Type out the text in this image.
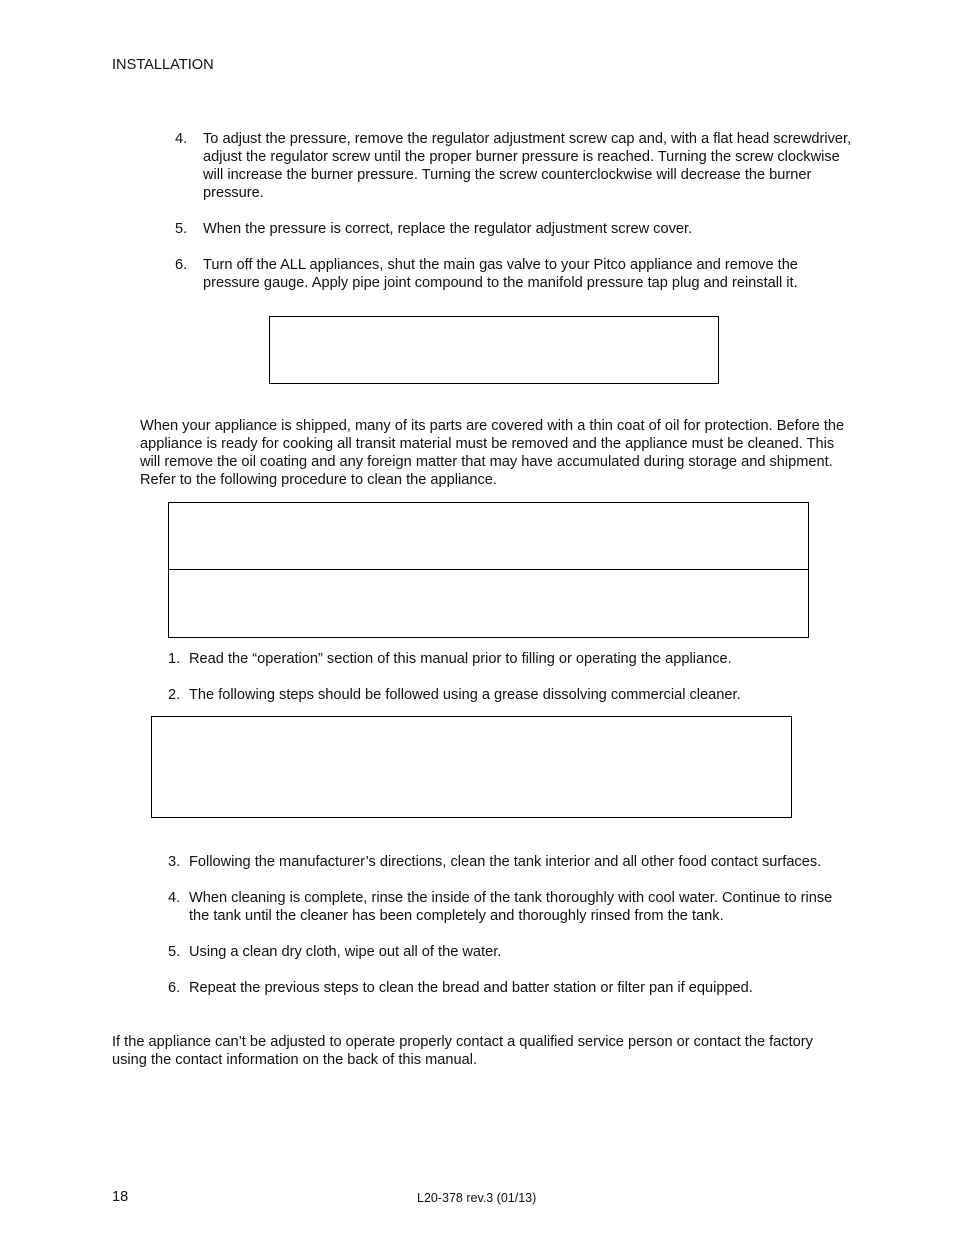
INSTALLATION
4. To adjust the pressure, remove the regulator adjustment screw cap and, with a flat head screwdriver, adjust the regulator screw until the proper burner pressure is reached. Turning the screw clockwise will increase the burner pressure. Turning the screw counterclockwise will decrease the burner pressure.
5. When the pressure is correct, replace the regulator adjustment screw cover.
6. Turn off the ALL appliances, shut the main gas valve to your Pitco appliance and remove the pressure gauge. Apply pipe joint compound to the manifold pressure tap plug and reinstall it.

When your appliance is shipped, many of its parts are covered with a thin coat of oil for protection. Before the appliance is ready for cooking all transit material must be removed and the appliance must be cleaned. This will remove the oil coating and any foreign matter that may have accumulated during storage and shipment. Refer to the following procedure to clean the appliance.

1. Read the “operation” section of this manual prior to filling or operating the appliance.
2. The following steps should be followed using a grease dissolving commercial cleaner.
3. Following the manufacturer’s directions, clean the tank interior and all other food contact surfaces.
4. When cleaning is complete, rinse the inside of the tank thoroughly with cool water. Continue to rinse the tank until the cleaner has been completely and thoroughly rinsed from the tank.
5. Using a clean dry cloth, wipe out all of the water.
6. Repeat the previous steps to clean the bread and batter station or filter pan if equipped.

If the appliance can’t be adjusted to operate properly contact a qualified service person or contact the factory using the contact information on the back of this manual.

18	L20-378 rev.3 (01/13)
